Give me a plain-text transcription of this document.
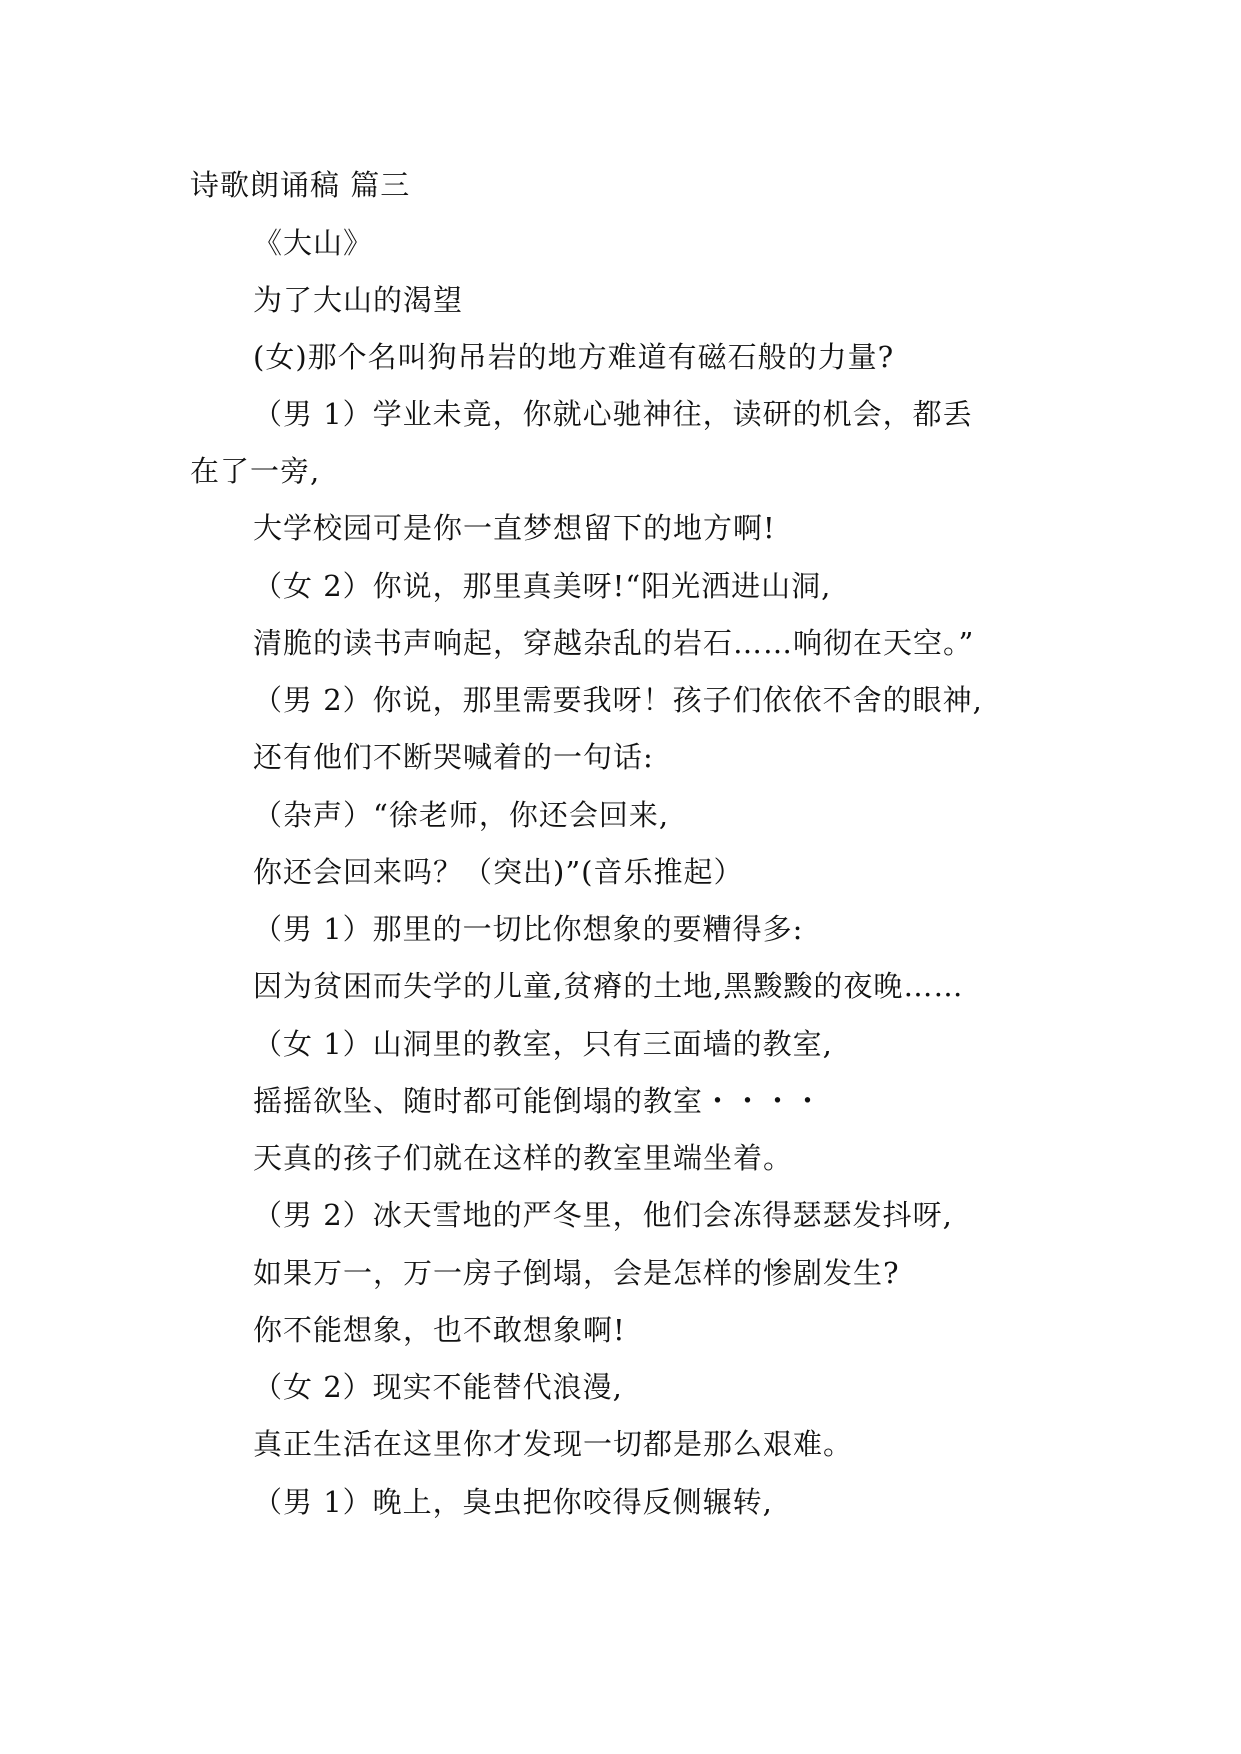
诗歌朗诵稿 篇三
《大山》
为了大山的渴望
(女)那个名叫狗吊岩的地方难道有磁石般的力量?
（男 1）学业未竟，你就心驰神往，读研的机会，都丢
在了一旁,
大学校园可是你一直梦想留下的地方啊!
（女 2）你说，那里真美呀!“阳光洒进山洞,
清脆的读书声响起，穿越杂乱的岩石……响彻在天空。”
（男 2）你说，那里需要我呀！孩子们依依不舍的眼神,
还有他们不断哭喊着的一句话:
（杂声）“徐老师，你还会回来,
你还会回来吗？（突出)”(音乐推起）
（男 1）那里的一切比你想象的要糟得多:
因为贫困而失学的儿童,贫瘠的土地,黑黢黢的夜晚……
（女 1）山洞里的教室，只有三面墙的教室,
摇摇欲坠、随时都可能倒塌的教室・・・・
天真的孩子们就在这样的教室里端坐着。
（男 2）冰天雪地的严冬里，他们会冻得瑟瑟发抖呀,
如果万一，万一房子倒塌，会是怎样的惨剧发生?
你不能想象，也不敢想象啊!
（女 2）现实不能替代浪漫,
真正生活在这里你才发现一切都是那么艰难。
（男 1）晚上，臭虫把你咬得反侧辗转,
